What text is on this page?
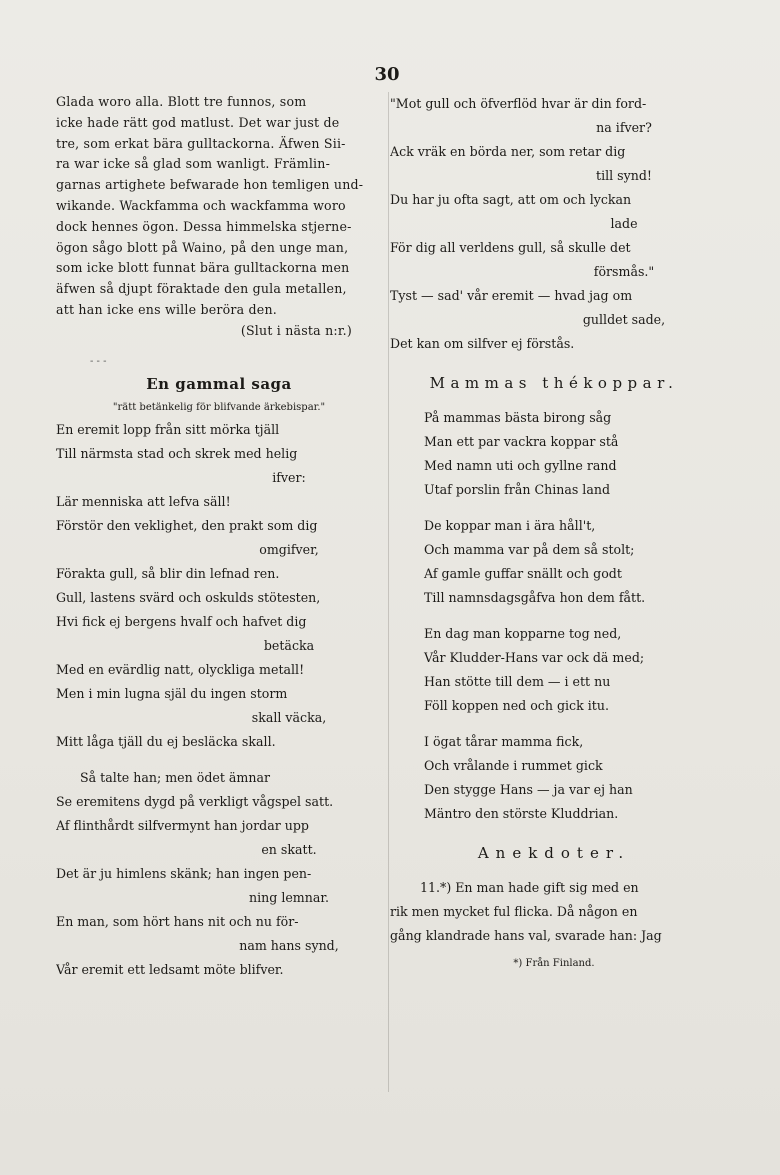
30
Glada woro alla. Blott tre funnos, som
icke hade rätt god matlust. Det war just de
tre, som erkat bära gulltackorna. Äfwen Sii-
ra war icke så glad som wanligt. Främlin-
garnas artighete befwarade hon temligen und-
wikande. Wackfamma och wackfamma woro
dock hennes ögon. Dessa himmelska stjerne-
ögon sågo blott på Waino, på den unge man,
som icke blott funnat bära gulltackorna men
äfwen så djupt föraktade den gula metallen,
att han icke ens wille beröra den.
(Slut i nästa n:r.)
- - -
En gammal saga
"rätt betänkelig för blifvande ärkebispar."
En eremit lopp från sitt mörka tjäll
Till närmsta stad och skrek med helig
ifver:
Lär menniska att lefva säll!
Förstör den veklighet, den prakt som dig
omgifver,
Förakta gull, så blir din lefnad ren.
Gull, lastens svärd och oskulds stötesten,
Hvi fick ej bergens hvalf och hafvet dig
betäcka
Med en evärdlig natt, olyckliga metall!
Men i min lugna själ du ingen storm
skall väcka,
Mitt låga tjäll du ej besläcka skall.
Så talte han; men ödet ämnar
Se eremitens dygd på verkligt vågspel satt.
Af flinthårdt silfvermynt han jordar upp
en skatt.
Det är ju himlens skänk; han ingen pen-
ning lemnar.
En man, som hört hans nit och nu för-
nam hans synd,
Vår eremit ett ledsamt möte blifver.
"Mot gull och öfverflöd hvar är din ford-
na ifver?
Ack vräk en börda ner, som retar dig
till synd!
Du har ju ofta sagt, att om och lyckan
lade
För dig all verldens gull, så skulle det
försmås."
Tyst — sad' vår eremit — hvad jag om
gulldet sade,
Det kan om silfver ej förstås.
Mammas thékoppar.
På mammas bästa birong såg
Man ett par vackra koppar stå
Med namn uti och gyllne rand
Utaf porslin från Chinas land
De koppar man i ära håll't,
Och mamma var på dem så stolt;
Af gamle guffar snällt och godt
Till namnsdagsgåfva hon dem fått.
En dag man kopparne tog ned,
Vår Kludder-Hans var ock dä med;
Han stötte till dem — i ett nu
Föll koppen ned och gick itu.
I ögat tårar mamma fick,
Och vrålande i rummet gick
Den stygge Hans — ja var ej han
Mäntro den störste Kluddrian.
Anekdoter.
11.*) En man hade gift sig med en
rik men mycket ful flicka. Då någon en
gång klandrade hans val, svarade han: Jag
*) Från Finland.
